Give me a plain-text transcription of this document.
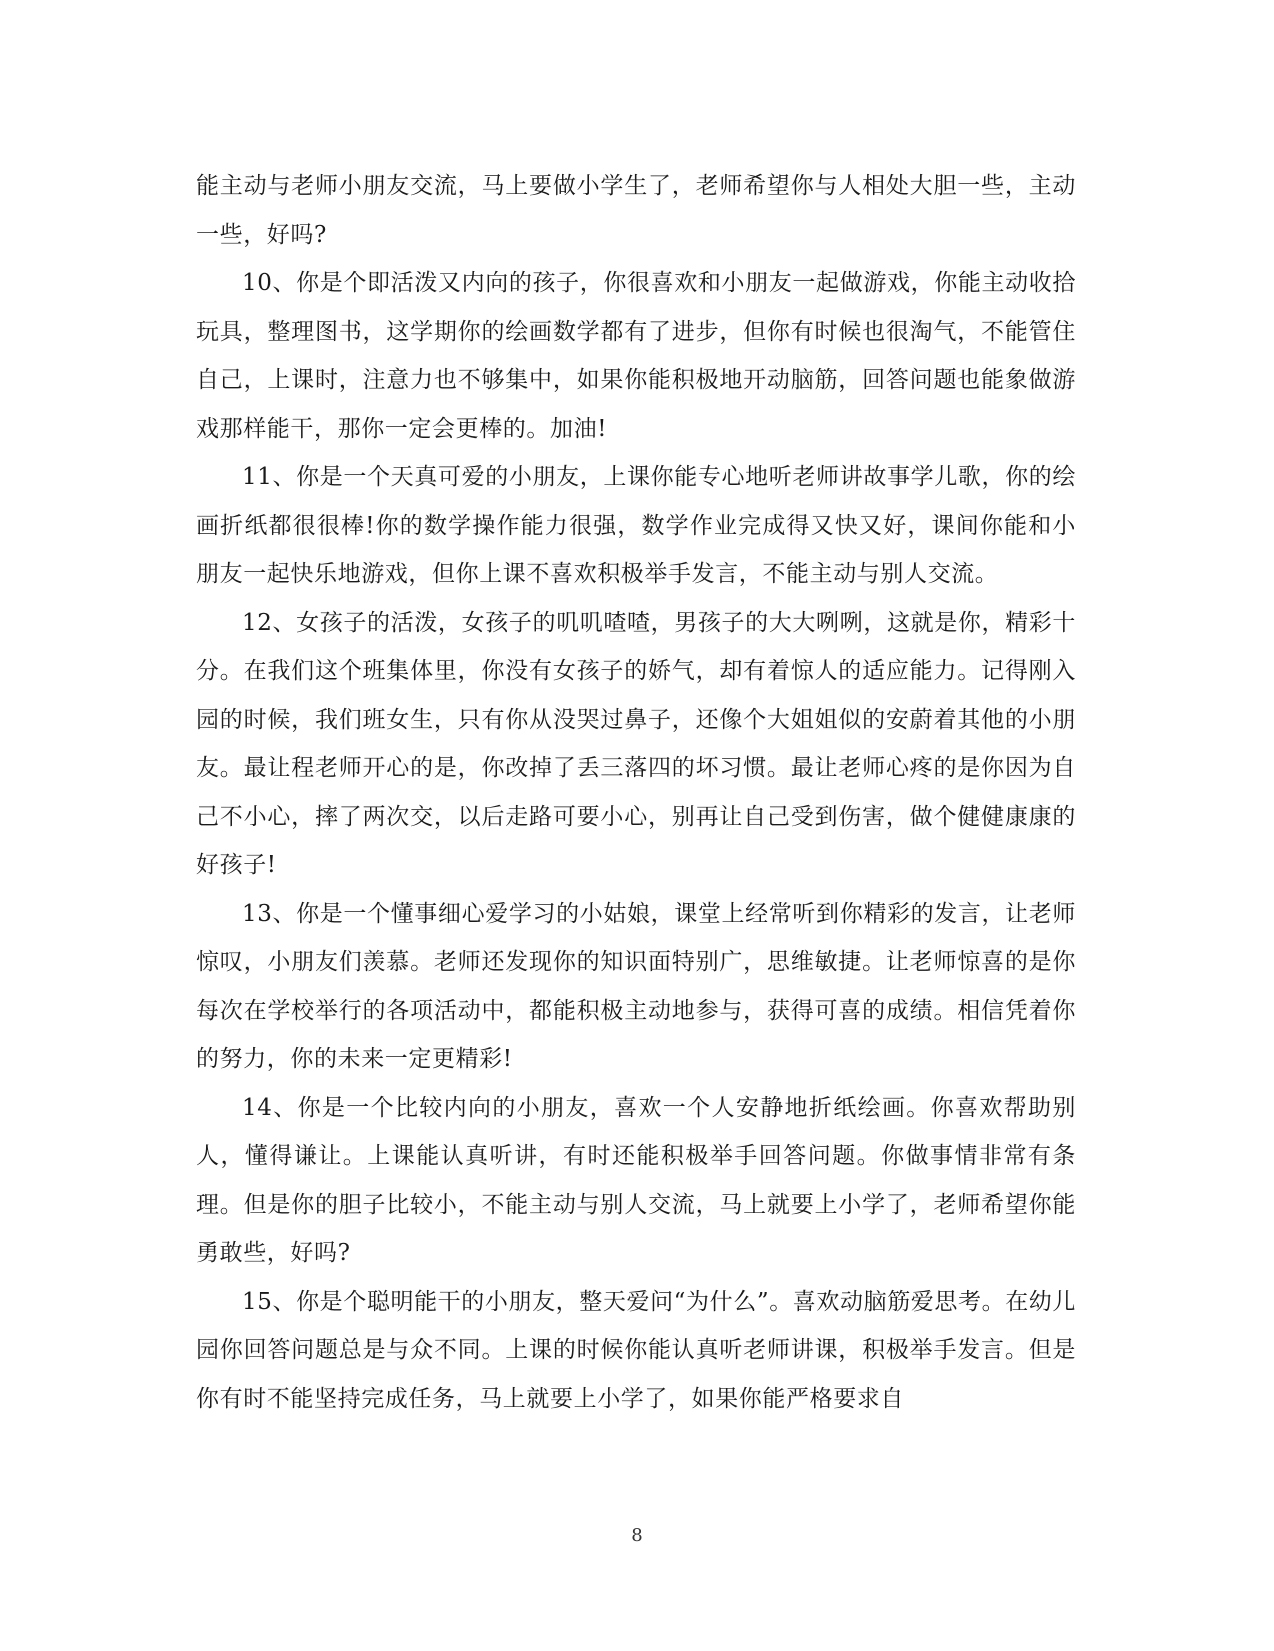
能主动与老师小朋友交流，马上要做小学生了，老师希望你与人相处大胆一些，主动一些，好吗?

10、你是个即活泼又内向的孩子，你很喜欢和小朋友一起做游戏，你能主动收拾玩具，整理图书，这学期你的绘画数学都有了进步，但你有时候也很淘气，不能管住自己，上课时，注意力也不够集中，如果你能积极地开动脑筋，回答问题也能象做游戏那样能干，那你一定会更棒的。加油!

11、你是一个天真可爱的小朋友，上课你能专心地听老师讲故事学儿歌，你的绘画折纸都很很棒!你的数学操作能力很强，数学作业完成得又快又好，课间你能和小朋友一起快乐地游戏，但你上课不喜欢积极举手发言，不能主动与别人交流。

12、女孩子的活泼，女孩子的叽叽喳喳，男孩子的大大咧咧，这就是你，精彩十分。在我们这个班集体里，你没有女孩子的娇气，却有着惊人的适应能力。记得刚入园的时候，我们班女生，只有你从没哭过鼻子，还像个大姐姐似的安蔚着其他的小朋友。最让程老师开心的是，你改掉了丢三落四的坏习惯。最让老师心疼的是你因为自己不小心，摔了两次交，以后走路可要小心，别再让自己受到伤害，做个健健康康的好孩子!

13、你是一个懂事细心爱学习的小姑娘，课堂上经常听到你精彩的发言，让老师惊叹，小朋友们羡慕。老师还发现你的知识面特别广，思维敏捷。让老师惊喜的是你每次在学校举行的各项活动中，都能积极主动地参与，获得可喜的成绩。相信凭着你的努力，你的未来一定更精彩!

14、你是一个比较内向的小朋友，喜欢一个人安静地折纸绘画。你喜欢帮助别人，懂得谦让。上课能认真听讲，有时还能积极举手回答问题。你做事情非常有条理。但是你的胆子比较小，不能主动与别人交流，马上就要上小学了，老师希望你能勇敢些，好吗?

15、你是个聪明能干的小朋友，整天爱问“为什么”。喜欢动脑筋爱思考。在幼儿园你回答问题总是与众不同。上课的时候你能认真听老师讲课，积极举手发言。但是你有时不能坚持完成任务，马上就要上小学了，如果你能严格要求自

8
